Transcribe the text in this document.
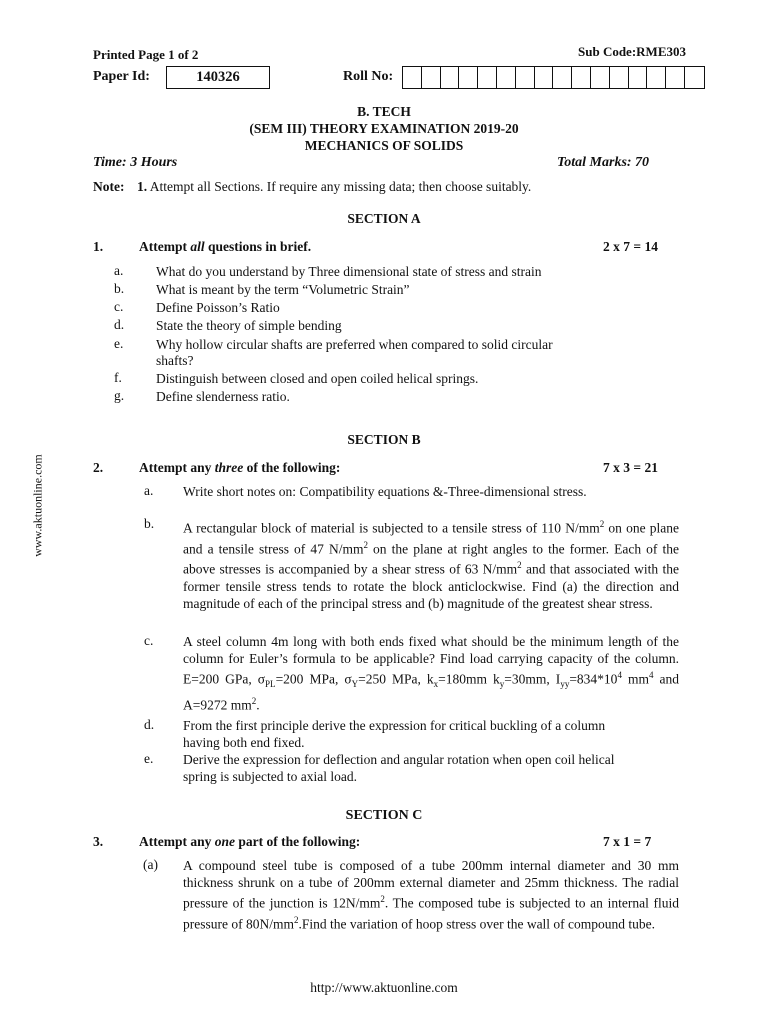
Printed Page 1 of 2	Sub Code:RME303
Paper Id:	140326	Roll No:
B. TECH
(SEM III) THEORY EXAMINATION 2019-20
MECHANICS OF SOLIDS
Time: 3 Hours	Total Marks: 70
Note: 1. Attempt all Sections. If require any missing data; then choose suitably.
SECTION A
1.	Attempt all questions in brief.	2 x 7 = 14
a. What do you understand by Three dimensional state of stress and strain
b. What is meant by the term “Volumetric Strain”
c. Define Poisson’s Ratio
d. State the theory of simple bending
e. Why hollow circular shafts are preferred when compared to solid circular
shafts?
f.	Distinguish between closed and open coiled helical springs.
g. Define slenderness ratio.
www.aktuonline.com
SECTION B
2.	Attempt any three of the following:	7 x 3 = 21
a. Write short notes on: Compatibility equations &-Three-dimensional stress.
b. A rectangular block of material is subjected to a tensile stress of 110 $N/mm^2$ on one plane and a tensile stress of 47 $N/mm^2$ on the plane at right angles to the former. Each of the above stresses is accompanied by a shear stress of 63 $N/mm^2$ and that associated with the former tensile stress tends to rotate the block anticlockwise. Find (a) the direction and magnitude of each of the principal stress and (b) magnitude of the greatest shear stress.
c. A steel column 4m long with both ends fixed what should be the minimum length of the column for Euler’s formula to be applicable? Find load carrying capacity of the column. E=200 GPa, $\sigma_{PL}=200$ MPa, $\sigma_Y=250$ MPa, $k_x=180mm$ $k_y=30mm$, $I_{yy}=834*10^4$ $mm^4$ and A=9272 $mm^2$.
d. From the first principle derive the expression for critical buckling of a column
having both end fixed.
e. Derive the expression for deflection and angular rotation when open coil helical
spring is subjected to axial load.
SECTION C
3.	Attempt any one part of the following:	7 x 1 = 7
(a) A compound steel tube is composed of a tube 200mm internal diameter and 30 mm thickness shrunk on a tube of 200mm external diameter and 25mm thickness. The radial pressure of the junction is $12N/mm^2$. The composed tube is subjected to an internal fluid pressure of $80N/mm^2.Find$ the variation of hoop stress over the wall of compound tube.
http://www.aktuonline.com
